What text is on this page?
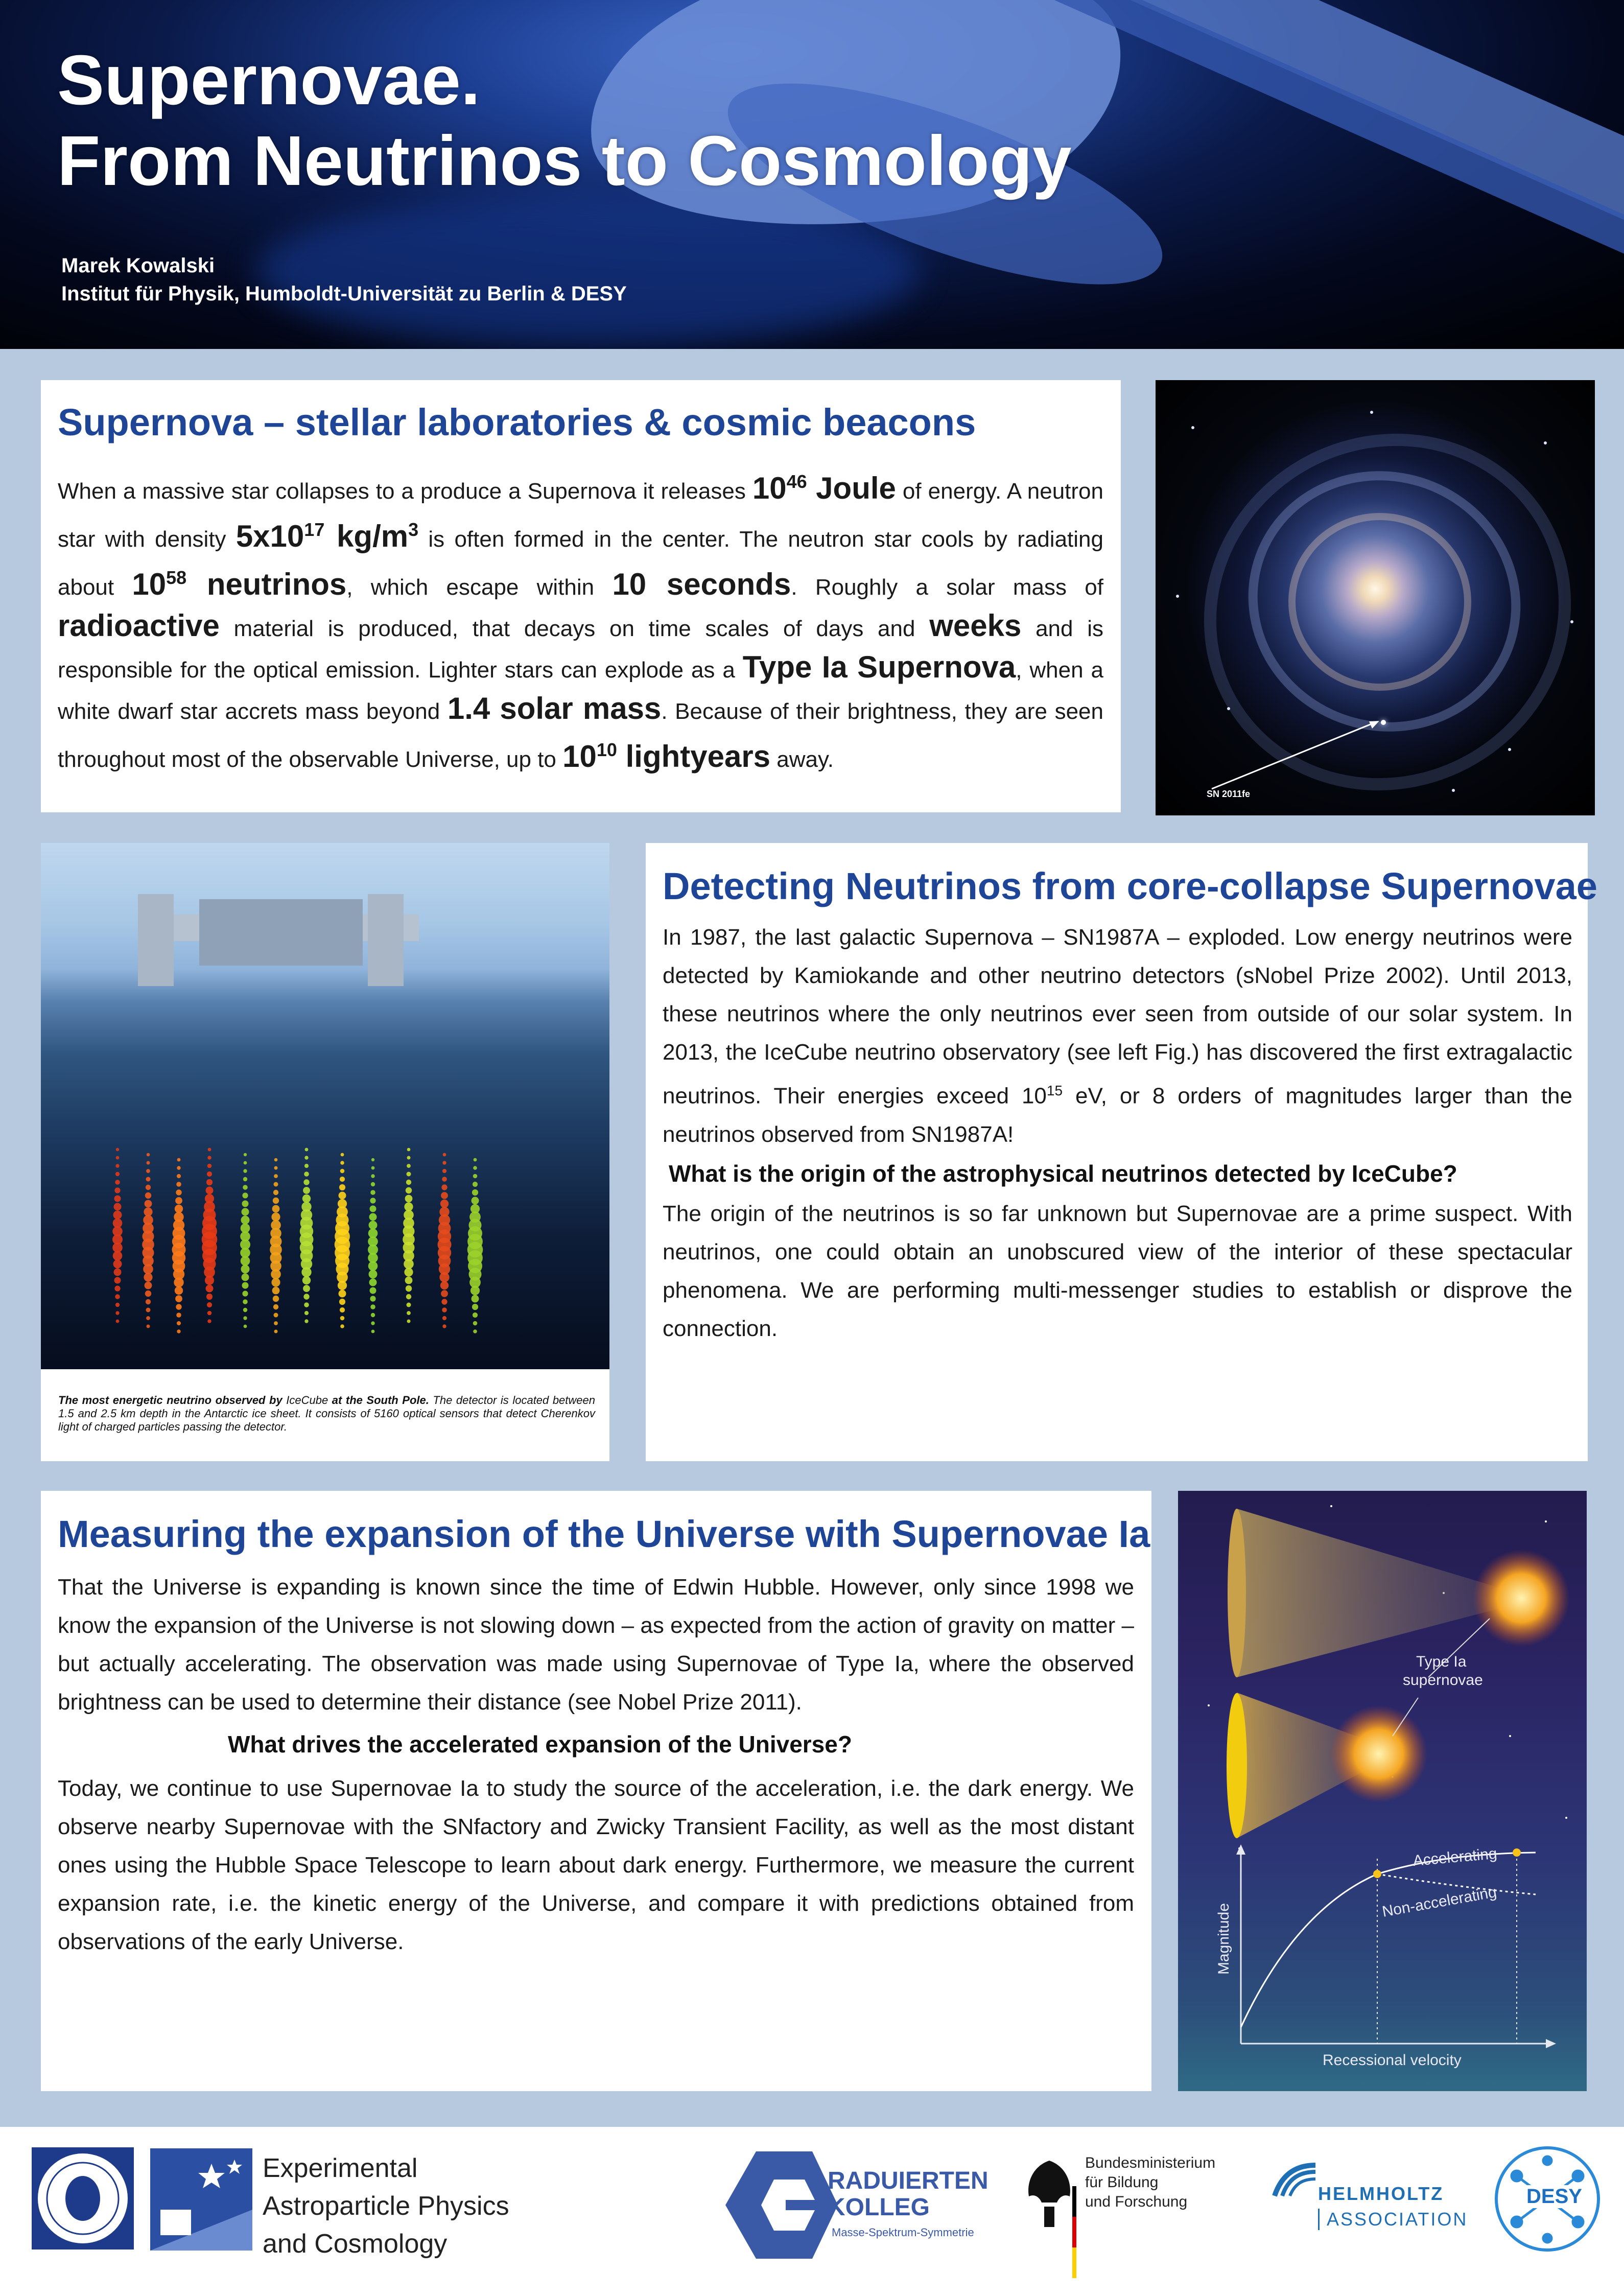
Supernovae.
From Neutrinos to Cosmology
Marek Kowalski
Institut für Physik, Humboldt-Universität zu Berlin & DESY
Supernova – stellar laboratories & cosmic beacons
When a massive star collapses to a produce a Supernova it releases $10^{46}$ Joule of energy. A neutron star with density $5x10^{17}$ $kg/m^3$ is often formed in the center. The neutron star cools by radiating about $10^{58}$ neutrinos, which escape within 10 seconds. Roughly a solar mass of radioactive material is produced, that decays on time scales of days and weeks and is responsible for the optical emission. Lighter stars can explode as a Type Ia Supernova, when a white dwarf star accrets mass beyond 1.4 solar mass. Because of their brightness, they are seen throughout most of the observable Universe, up to $10^{10}$ lightyears away.
SN 2011fe
The most energetic neutrino observed by IceCube at the South Pole. The detector is located between 1.5 and 2.5 km depth in the Antarctic ice sheet. It consists of 5160 optical sensors that detect Cherenkov light of charged particles passing the detector.
Detecting Neutrinos from core-collapse Supernovae
In 1987, the last galactic Supernova – SN1987A – exploded. Low energy neutrinos were detected by Kamiokande and other neutrino detectors (sNobel Prize 2002). Until 2013, these neutrinos where the only neutrinos ever seen from outside of our solar system. In 2013, the IceCube neutrino observatory (see left Fig.) has discovered the first extragalactic neutrinos. Their energies exceed $10^{15}$ eV, or 8 orders of magnitudes larger than the neutrinos observed from SN1987A!
What is the origin of the astrophysical neutrinos detected by IceCube?
The origin of the neutrinos is so far unknown but Supernovae are a prime suspect. With neutrinos, one could obtain an unobscured view of the interior of these spectacular phenomena. We are performing multi-messenger studies to establish or disprove the connection.
Measuring the expansion of the Universe with Supernovae Ia
That the Universe is expanding is known since the time of Edwin Hubble. However, only since 1998 we know the expansion of the Universe is not slowing down – as expected from the action of gravity on matter – but actually accelerating. The observation was made using Supernovae of Type Ia, where the observed brightness can be used to determine their distance (see Nobel Prize 2011).
What drives the accelerated expansion of the Universe?
Today, we continue to use Supernovae Ia to study the source of the acceleration, i.e. the dark energy. We observe nearby Supernovae with the SNfactory and Zwicky Transient Facility, as well as the most distant ones using the Hubble Space Telescope to learn about dark energy. Furthermore, we measure the current expansion rate, i.e. the kinetic energy of the Universe, and compare it with predictions obtained from observations of the early Universe.
Type Ia
supernovae
Accelerating
Non-accelerating
Magnitude
Recessional velocity
Experimental
Astroparticle Physics
and Cosmology
RADUIERTEN
KOLLEG
Masse-Spektrum-Symmetrie
Bundesministerium
für Bildung
und Forschung	HELMHOLTZ
ASSOCIATION
DESY
